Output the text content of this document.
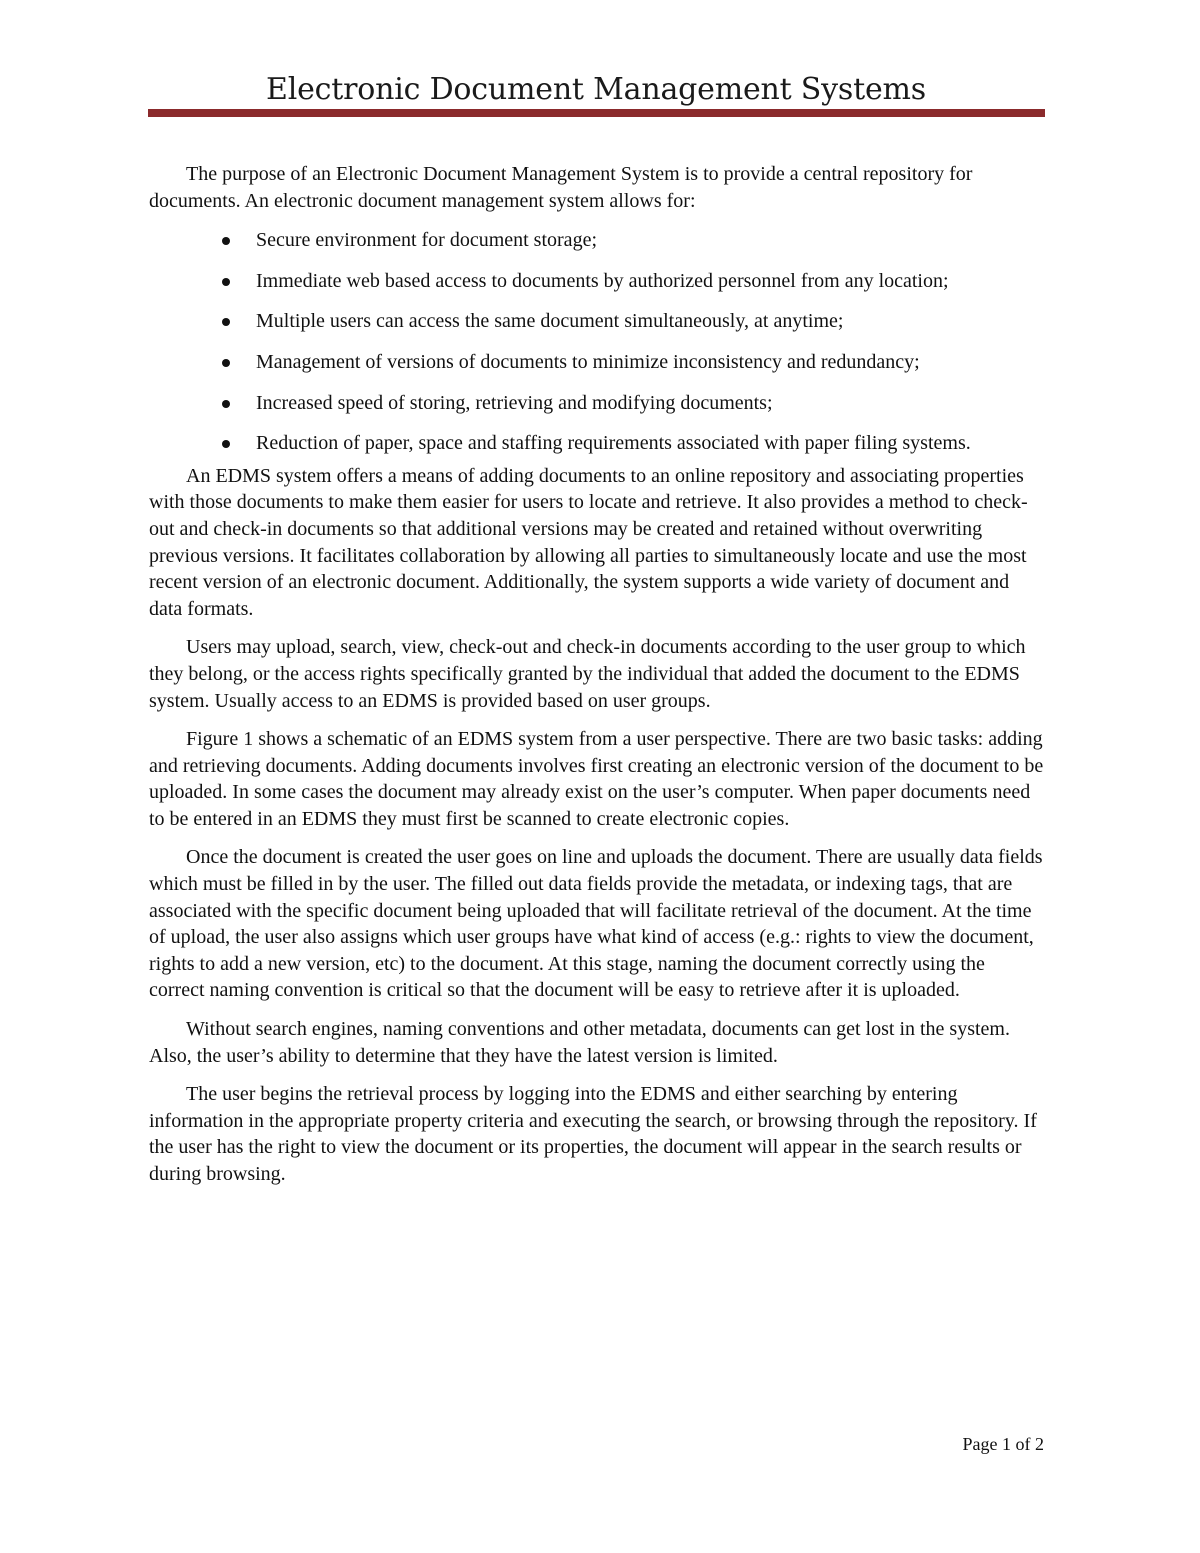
Electronic Document Management Systems

The purpose of an Electronic Document Management System is to provide a central repository for documents. An electronic document management system allows for:

Secure environment for document storage;
Immediate web based access to documents by authorized personnel from any location;
Multiple users can access the same document simultaneously, at anytime;
Management of versions of documents to minimize inconsistency and redundancy;
Increased speed of storing, retrieving and modifying documents;
Reduction of paper, space and staffing requirements associated with paper filing systems.

An EDMS system offers a means of adding documents to an online repository and associating properties with those documents to make them easier for users to locate and retrieve. It also provides a method to check-out and check-in documents so that additional versions may be created and retained without overwriting previous versions. It facilitates collaboration by allowing all parties to simultaneously locate and use the most recent version of an electronic document. Additionally, the system supports a wide variety of document and data formats.

Users may upload, search, view, check-out and check-in documents according to the user group to which they belong, or the access rights specifically granted by the individual that added the document to the EDMS system. Usually access to an EDMS is provided based on user groups.

Figure 1 shows a schematic of an EDMS system from a user perspective. There are two basic tasks: adding and retrieving documents. Adding documents involves first creating an electronic version of the document to be uploaded. In some cases the document may already exist on the user’s computer. When paper documents need to be entered in an EDMS they must first be scanned to create electronic copies.

Once the document is created the user goes on line and uploads the document. There are usually data fields which must be filled in by the user. The filled out data fields provide the metadata, or indexing tags, that are associated with the specific document being uploaded that will facilitate retrieval of the document. At the time of upload, the user also assigns which user groups have what kind of access (e.g.: rights to view the document, rights to add a new version, etc) to the document. At this stage, naming the document correctly using the correct naming convention is critical so that the document will be easy to retrieve after it is uploaded.

Without search engines, naming conventions and other metadata, documents can get lost in the system. Also, the user’s ability to determine that they have the latest version is limited.

The user begins the retrieval process by logging into the EDMS and either searching by entering information in the appropriate property criteria and executing the search, or browsing through the repository. If the user has the right to view the document or its properties, the document will appear in the search results or during browsing.

Page 1 of 2
